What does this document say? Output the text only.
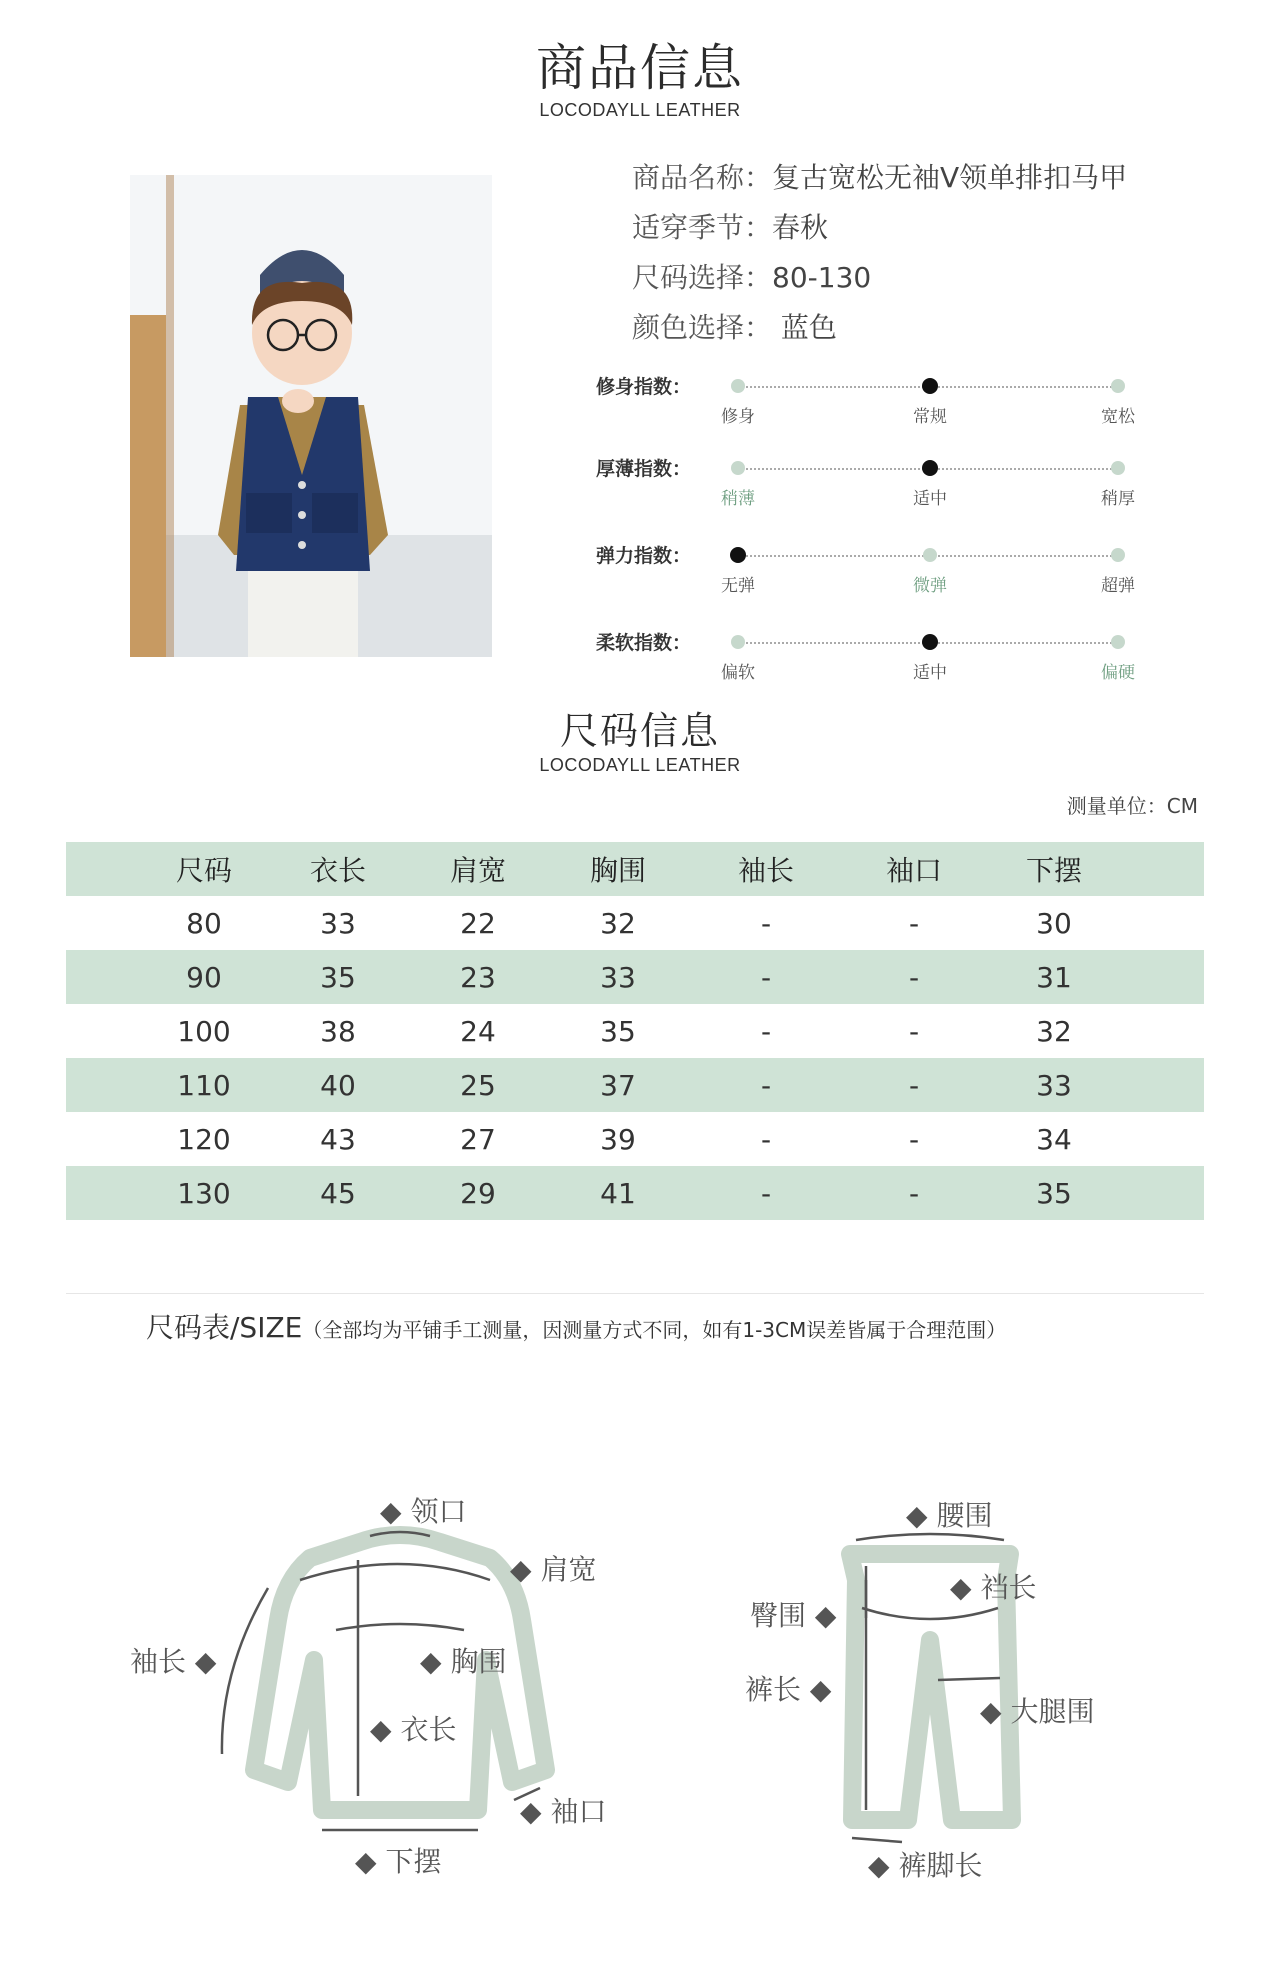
商品信息
LOCODAYLL LEATHER
商品名称：复古宽松无袖V领单排扣马甲
适穿季节：春秋
尺码选择：80-130
颜色选择： 蓝色
修身指数：
修身	常规	宽松
厚薄指数：
稍薄	适中	稍厚
弹力指数：
无弹	微弹	超弹
柔软指数：
偏软	适中	偏硬
尺码信息
LOCODAYLL LEATHER
测量单位：CM
尺码	衣长	肩宽	胸围	袖长	袖口	下摆
80	33	22	32	-	-	30
90	35	23	33	-	-	31
100	38	24	35	-	-	32
110	40	25	37	-	-	33
120	43	27	39	-	-	34
130	45	29	41	-	-	35
尺码表/SIZE（全部均为平铺手工测量，因测量方式不同，如有1-3CM误差皆属于合理范围）
◆ 领口
◆ 肩宽
袖长 ◆	◆ 胸围
◆ 衣长
◆ 袖口
◆ 下摆
◆ 腰围
◆ 裆长
臀围 ◆
裤长 ◆
◆ 大腿围
◆ 裤脚长
